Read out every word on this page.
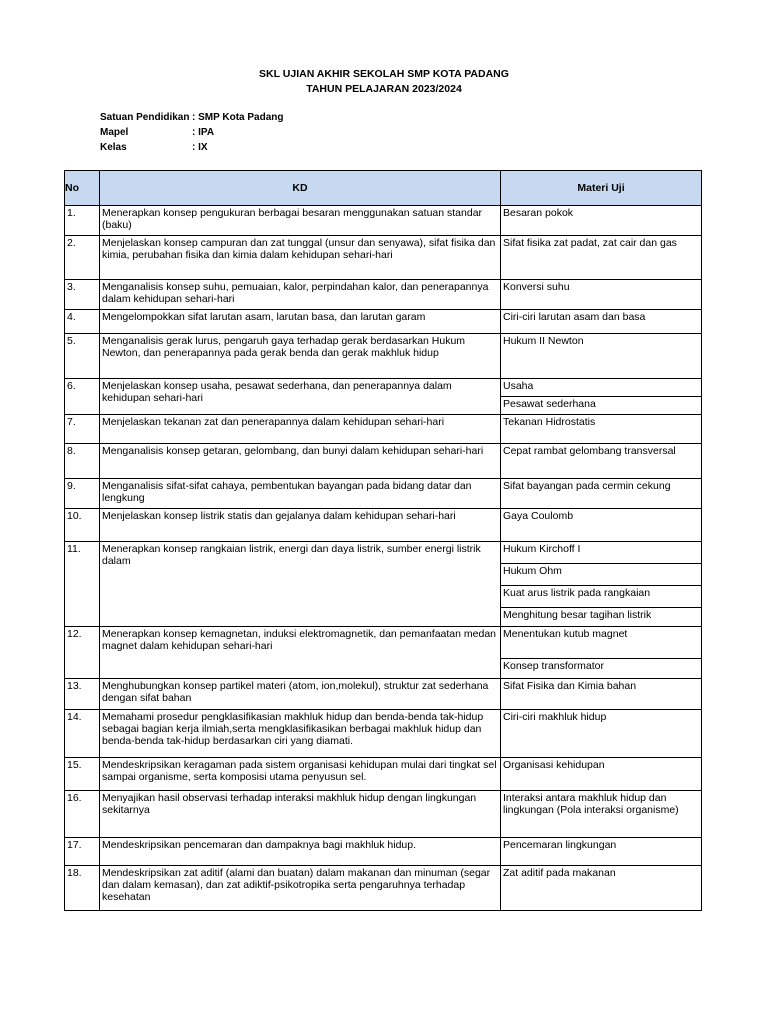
SKL UJIAN AKHIR SEKOLAH SMP KOTA PADANG
TAHUN PELAJARAN 2023/2024
Satuan Pendidikan : SMP Kota Padang
Mapel	: IPA
Kelas	: IX
No	KD	Materi Uji
1.	Menerapkan konsep pengukuran berbagai besaran menggunakan satuan standar (baku)	Besaran pokok
2.	Menjelaskan konsep campuran dan zat tunggal (unsur dan senyawa), sifat fisika dan kimia, perubahan fisika dan kimia dalam kehidupan sehari-hari	Sifat fisika zat padat, zat cair dan gas
3.	Menganalisis konsep suhu, pemuaian, kalor, perpindahan kalor, dan penerapannya dalam kehidupan sehari-hari	Konversi suhu
4.	Mengelompokkan sifat larutan asam, larutan basa, dan larutan garam	Ciri-ciri larutan asam dan basa
5.	Menganalisis gerak lurus, pengaruh gaya terhadap gerak berdasarkan Hukum Newton, dan penerapannya pada gerak benda dan gerak makhluk hidup	Hukum II Newton
6.	Menjelaskan konsep usaha, pesawat sederhana, dan penerapannya dalam kehidupan sehari-hari	Usaha
		Pesawat sederhana
7.	Menjelaskan tekanan zat dan penerapannya dalam kehidupan sehari-hari	Tekanan Hidrostatis
8.	Menganalisis konsep getaran, gelombang, dan bunyi dalam kehidupan sehari-hari	Cepat rambat gelombang transversal
9.	Menganalisis sifat-sifat cahaya, pembentukan bayangan pada bidang datar dan lengkung	Sifat bayangan pada cermin cekung
10.	Menjelaskan konsep listrik statis dan gejalanya dalam kehidupan sehari-hari	Gaya Coulomb
11.	Menerapkan konsep rangkaian listrik, energi dan daya listrik, sumber energi listrik dalam	Hukum Kirchoff I
		Hukum Ohm
		Kuat arus listrik pada rangkaian
		Menghitung besar tagihan listrik
12.	Menerapkan konsep kemagnetan, induksi elektromagnetik, dan pemanfaatan medan magnet dalam kehidupan sehari-hari	Menentukan kutub magnet
		Konsep transformator
13.	Menghubungkan konsep partikel materi (atom, ion,molekul), struktur zat sederhana dengan sifat bahan	Sifat Fisika dan Kimia bahan
14.	Memahami prosedur pengklasifikasian makhluk hidup dan benda-benda tak-hidup sebagai bagian kerja ilmiah,serta mengklasifikasikan berbagai makhluk hidup dan benda-benda tak-hidup berdasarkan ciri yang diamati.	Ciri-ciri makhluk hidup
15.	Mendeskripsikan keragaman pada sistem organisasi kehidupan mulai dari tingkat sel sampai organisme, serta komposisi utama penyusun sel.	Organisasi kehidupan
16.	Menyajikan hasil observasi terhadap interaksi makhluk hidup dengan lingkungan sekitarnya	Interaksi antara makhluk hidup dan lingkungan (Pola interaksi organisme)
17.	Mendeskripsikan pencemaran dan dampaknya bagi makhluk hidup.	Pencemaran lingkungan
18.	Mendeskripsikan zat aditif (alami dan buatan) dalam makanan dan minuman (segar dan dalam kemasan), dan zat adiktif-psikotropika serta pengaruhnya terhadap kesehatan	Zat aditif pada makanan
